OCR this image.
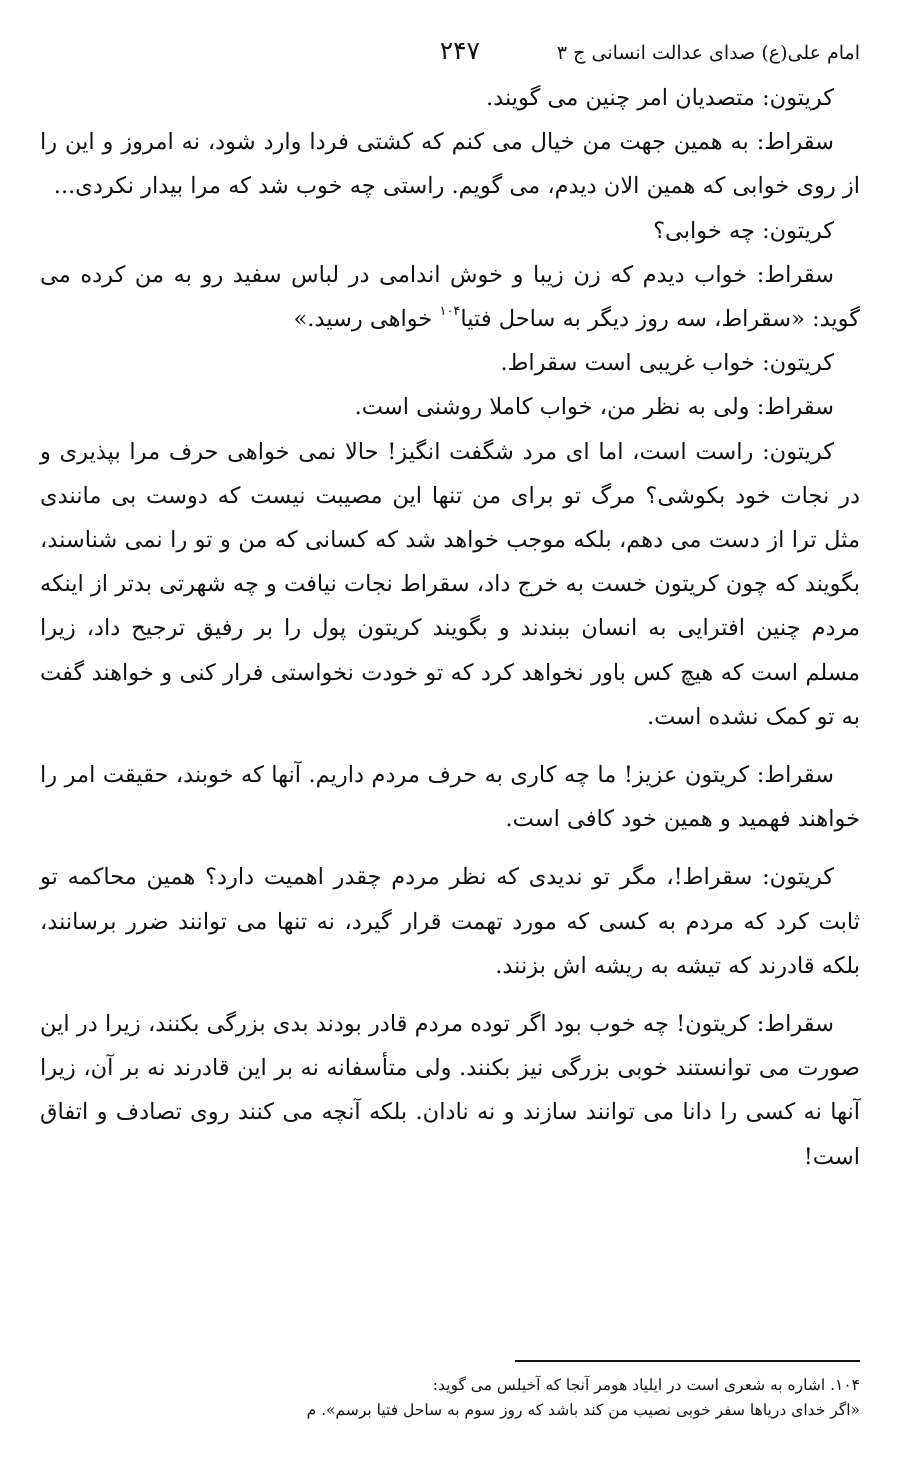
امام علی(ع) صدای عدالت انسانی ج ۳
۲۴۷

کریتون: متصدیان امر چنین می گویند.

سقراط: به همین جهت من خیال می کنم که کشتی فردا وارد شود، نه امروز و این را از روی خوابی که همین الان دیدم، می گویم. راستی چه خوب شد که مرا بیدار نکردی...

کریتون: چه خوابی؟

سقراط: خواب دیدم که زن زیبا و خوش اندامی در لباس سفید رو به من کرده می گوید: «سقراط، سه روز دیگر به ساحل فتیا$^{۱۰۴}$ خواهی رسید.»

کریتون: خواب غریبی است سقراط.

سقراط: ولی به نظر من، خواب کاملا روشنی است.

کریتون: راست است، اما ای مرد شگفت انگیز! حالا نمی خواهی حرف مرا بپذیری و در نجات خود بکوشی؟ مرگ تو برای من تنها این مصیبت نیست که دوست بی مانندی مثل ترا از دست می دهم، بلکه موجب خواهد شد که کسانی که من و تو را نمی شناسند، بگویند که چون کریتون خست به خرج داد، سقراط نجات نیافت و چه شهرتی بدتر از اینکه مردم چنین افترایی به انسان ببندند و بگویند کریتون پول را بر رفیق ترجیح داد، زیرا مسلم است که هیچ کس باور نخواهد کرد که تو خودت نخواستی فرار کنی و خواهند گفت به تو کمک نشده است.

سقراط: کریتون عزیز! ما چه کاری به حرف مردم داریم. آنها که خوبند، حقیقت امر را خواهند فهمید و همین خود کافی است.

کریتون: سقراط!، مگر تو ندیدی که نظر مردم چقدر اهمیت دارد؟ همین محاکمه تو ثابت کرد که مردم به کسی که مورد تهمت قرار گیرد، نه تنها می توانند ضرر برسانند، بلکه قادرند که تیشه به ریشه اش بزنند.

سقراط: کریتون! چه خوب بود اگر توده مردم قادر بودند بدی بزرگی بکنند، زیرا در این صورت می توانستند خوبی بزرگی نیز بکنند. ولی متأسفانه نه بر این قادرند نه بر آن، زیرا آنها نه کسی را دانا می توانند سازند و نه نادان. بلکه آنچه می کنند روی تصادف و اتفاق است!

۱۰۴. اشاره به شعری است در ایلیاد هومر آنجا که آخیلس می گوید:

«اگر خدای دریاها سفر خوبی نصیب من کند باشد که روز سوم به ساحل فتیا برسم». م
